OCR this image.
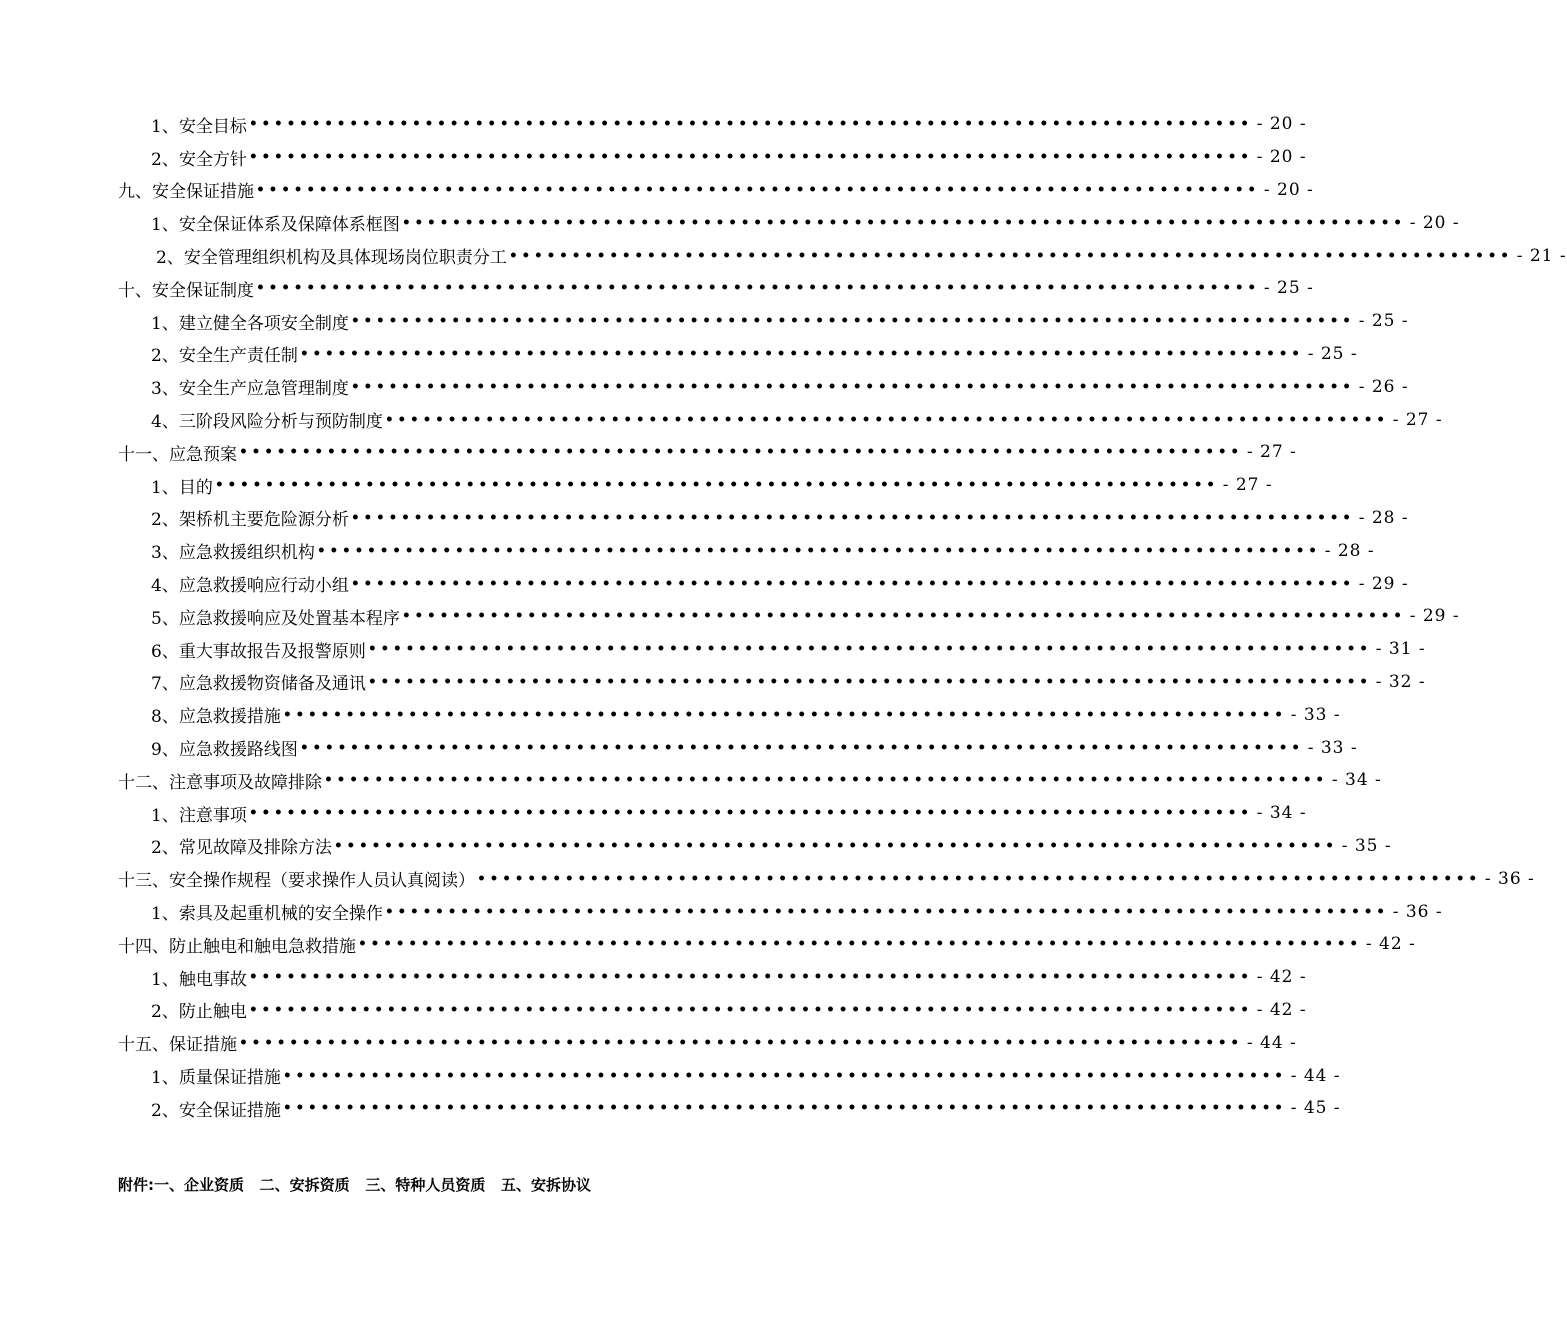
1、安全目标 •••••••••••••••••••••••••••••••••••••••••••••••••••••••••••••••••••••••••••••••• - 20 -
2、安全方针 •••••••••••••••••••••••••••••••••••••••••••••••••••••••••••••••••••••••••••••••• - 20 -
九、安全保证措施 •••••••••••••••••••••••••••••••••••••••••••••••••••••••••••••••••••••••••••••••• - 20 -
1、安全保证体系及保障体系框图 •••••••••••••••••••••••••••••••••••••••••••••••••••••••••••••••••••••••••••••••• - 20 -
2、安全管理组织机构及具体现场岗位职责分工 •••••••••••••••••••••••••••••••••••••••••••••••••••••••••••••••••••••••••••••••• - 21 -
十、安全保证制度 •••••••••••••••••••••••••••••••••••••••••••••••••••••••••••••••••••••••••••••••• - 25 -
1、建立健全各项安全制度 •••••••••••••••••••••••••••••••••••••••••••••••••••••••••••••••••••••••••••••••• - 25 -
2、安全生产责任制 •••••••••••••••••••••••••••••••••••••••••••••••••••••••••••••••••••••••••••••••• - 25 -
3、安全生产应急管理制度 •••••••••••••••••••••••••••••••••••••••••••••••••••••••••••••••••••••••••••••••• - 26 -
4、三阶段风险分析与预防制度 •••••••••••••••••••••••••••••••••••••••••••••••••••••••••••••••••••••••••••••••• - 27 -
十一、应急预案 •••••••••••••••••••••••••••••••••••••••••••••••••••••••••••••••••••••••••••••••• - 27 -
1、目的 •••••••••••••••••••••••••••••••••••••••••••••••••••••••••••••••••••••••••••••••• - 27 -
2、架桥机主要危险源分析 •••••••••••••••••••••••••••••••••••••••••••••••••••••••••••••••••••••••••••••••• - 28 -
3、应急救援组织机构 •••••••••••••••••••••••••••••••••••••••••••••••••••••••••••••••••••••••••••••••• - 28 -
4、应急救援响应行动小组 •••••••••••••••••••••••••••••••••••••••••••••••••••••••••••••••••••••••••••••••• - 29 -
5、应急救援响应及处置基本程序 •••••••••••••••••••••••••••••••••••••••••••••••••••••••••••••••••••••••••••••••• - 29 -
6、重大事故报告及报警原则 •••••••••••••••••••••••••••••••••••••••••••••••••••••••••••••••••••••••••••••••• - 31 -
7、应急救援物资储备及通讯 •••••••••••••••••••••••••••••••••••••••••••••••••••••••••••••••••••••••••••••••• - 32 -
8、应急救援措施 •••••••••••••••••••••••••••••••••••••••••••••••••••••••••••••••••••••••••••••••• - 33 -
9、应急救援路线图 •••••••••••••••••••••••••••••••••••••••••••••••••••••••••••••••••••••••••••••••• - 33 -
十二、注意事项及故障排除 •••••••••••••••••••••••••••••••••••••••••••••••••••••••••••••••••••••••••••••••• - 34 -
1、注意事项 •••••••••••••••••••••••••••••••••••••••••••••••••••••••••••••••••••••••••••••••• - 34 -
2、常见故障及排除方法 •••••••••••••••••••••••••••••••••••••••••••••••••••••••••••••••••••••••••••••••• - 35 -
十三、安全操作规程（要求操作人员认真阅读） •••••••••••••••••••••••••••••••••••••••••••••••••••••••••••••••••••••••••••••••• - 36 -
1、索具及起重机械的安全操作 •••••••••••••••••••••••••••••••••••••••••••••••••••••••••••••••••••••••••••••••• - 36 -
十四、防止触电和触电急救措施 •••••••••••••••••••••••••••••••••••••••••••••••••••••••••••••••••••••••••••••••• - 42 -
1、触电事故 •••••••••••••••••••••••••••••••••••••••••••••••••••••••••••••••••••••••••••••••• - 42 -
2、防止触电 •••••••••••••••••••••••••••••••••••••••••••••••••••••••••••••••••••••••••••••••• - 42 -
十五、保证措施 •••••••••••••••••••••••••••••••••••••••••••••••••••••••••••••••••••••••••••••••• - 44 -
1、质量保证措施 •••••••••••••••••••••••••••••••••••••••••••••••••••••••••••••••••••••••••••••••• - 44 -
2、安全保证措施 •••••••••••••••••••••••••••••••••••••••••••••••••••••••••••••••••••••••••••••••• - 45 -
附件:一、企业资质   二、安拆资质   三、特种人员资质   五、安拆协议
